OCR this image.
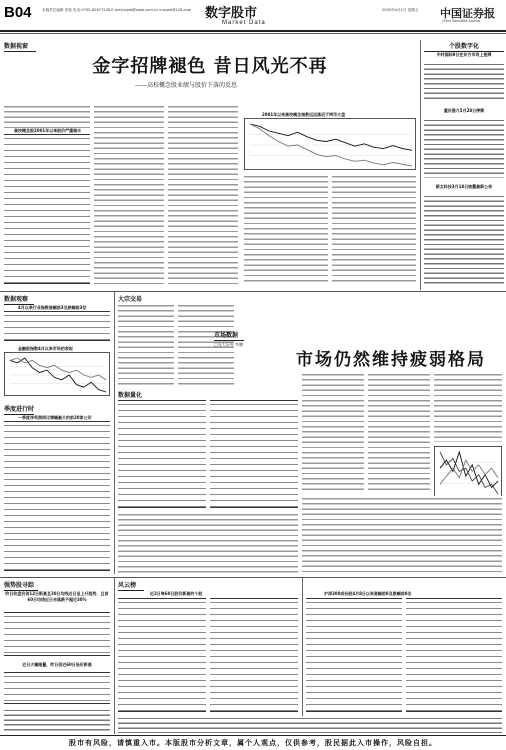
B04	本版责任编辑 张弛 电话:0755-82677208 E-mail:zqsb@zqsb.com.cn cnzqsb@126.com 数字股市
Market Data
2005年4月1日 星期五 中国证券报
China Securities Journal
数据视窗
金字招牌褪色 昔日风光不再
——高校概念股业绩与股价下落的反思
高校概念股2001年以来股价严重缩水
2001年以来高校概念指数远远落后于两市大盘
个股数字化
中材国际9日在东方市场上复牌
重庆港九5月28日停牌
新太科技3月18日披露最新公告
数据观察
4月以来行业指数涨幅前3及跌幅前3位
金融股指数4月以来市场的表现
季度进行时
一季度净利润同比增幅最大的前20家公司
大宗交易
数据量化
市场数据
□光大证券 李鹏
市场仍然维持疲弱格局
强势股寻踪
昨日收盘价创12日新高且20日均线近日呈上升趋势，且首60日均线近日未落跌不超过30%
近日大幅缩量，昨日创近60日低价新高
风云榜
近2日每60日股价新高的个股	沪深300成份股4月8日以来涨幅前8及跌幅前8名
股市有风险，请慎重入市。本版股市分析文章，属个人观点，仅供参考，股民据此入市操作，风险自担。
